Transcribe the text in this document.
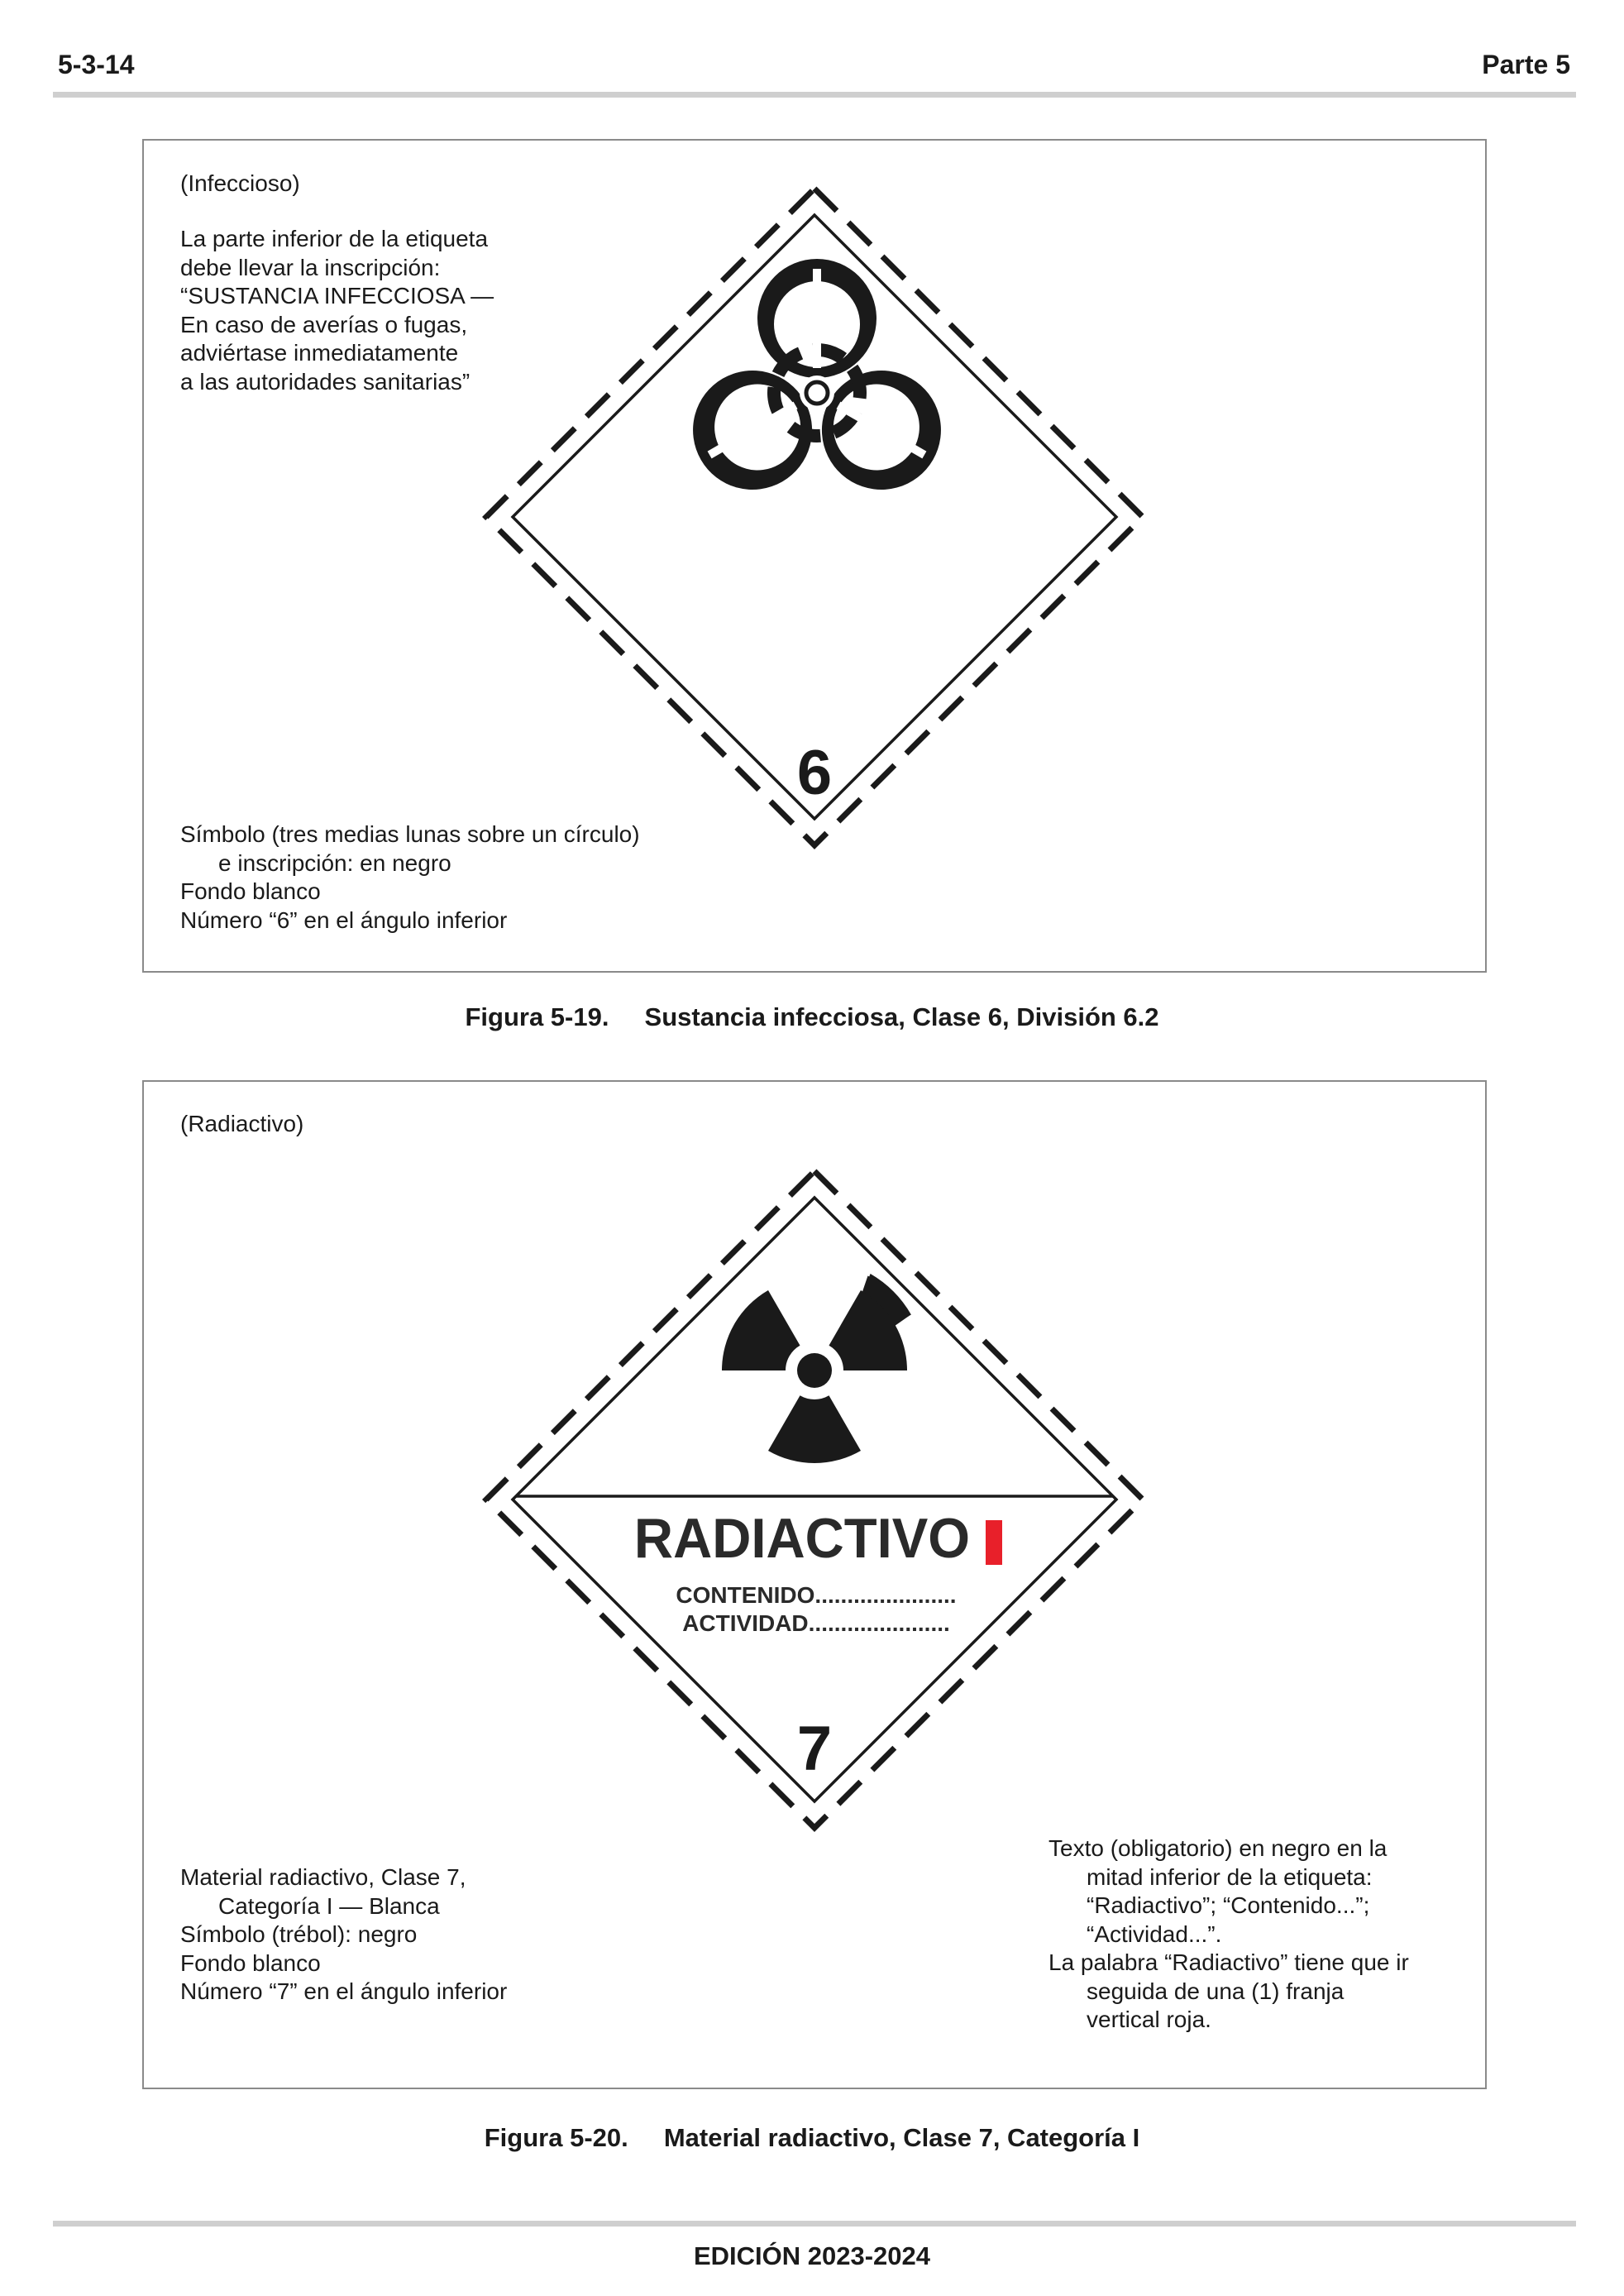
5-3-14	Parte 5
(Infeccioso)
La parte inferior de la etiqueta
debe llevar la inscripción:
“SUSTANCIA INFECCIOSA —
En caso de averías o fugas,
adviértase inmediatamente
a las autoridades sanitarias”
6
Símbolo (tres medias lunas sobre un círculo)
e inscripción: en negro
Fondo blanco
Número “6” en el ángulo inferior
Figura 5-19. Sustancia infecciosa, Clase 6, División 6.2
(Radiactivo)
RADIACTIVO
CONTENIDO......................
ACTIVIDAD......................
7
Material radiactivo, Clase 7,
Categoría I — Blanca
Símbolo (trébol): negro
Fondo blanco
Número “7” en el ángulo inferior
Texto (obligatorio) en negro en la
mitad inferior de la etiqueta:
“Radiactivo”; “Contenido...”;
“Actividad...”.
La palabra “Radiactivo” tiene que ir
seguida de una (1) franja
vertical roja.
Figura 5-20. Material radiactivo, Clase 7, Categoría I
EDICIÓN 2023-2024
